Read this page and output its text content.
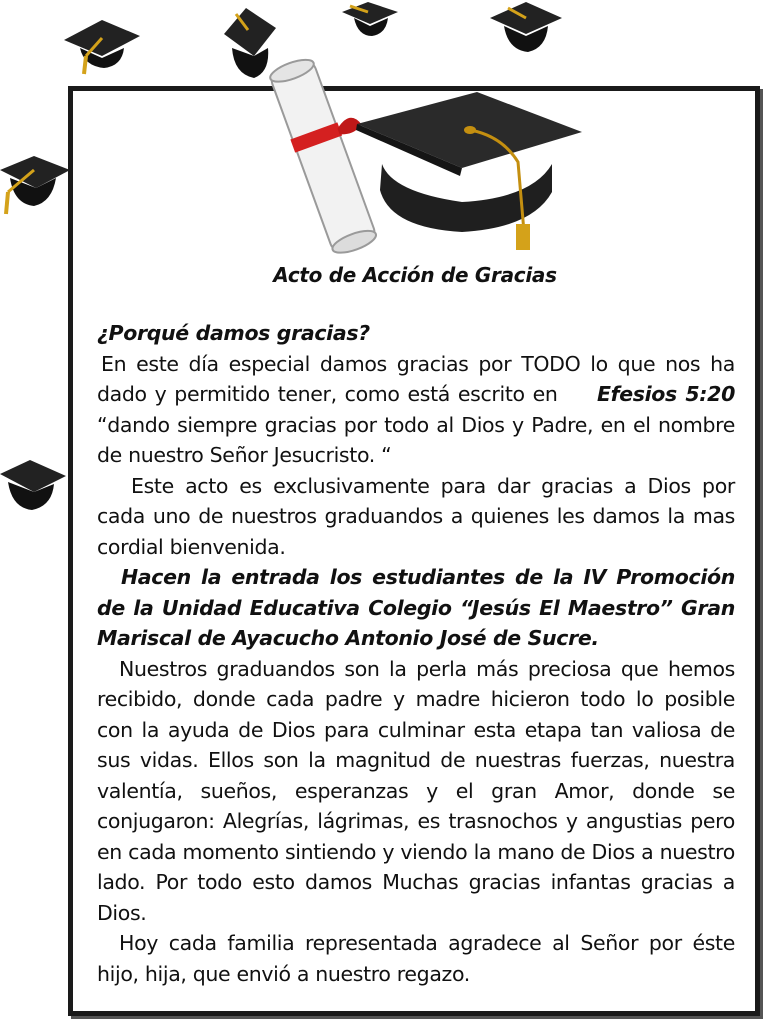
Acto de Acción de Gracias

¿Porqué damos gracias?

En este día especial damos gracias por TODO lo que nos ha dado y permitido tener, como está escrito en Efesios 5:20 “dando siempre gracias por todo al Dios y Padre, en el nombre de nuestro Señor Jesucristo. “

Este acto es exclusivamente para dar gracias a Dios por cada uno de nuestros graduandos a quienes les damos la mas cordial bienvenida.

Hacen la entrada los estudiantes de la IV Promoción de la Unidad Educativa Colegio “Jesús El Maestro” Gran Mariscal de Ayacucho Antonio José de Sucre.

Nuestros graduandos son la perla más preciosa que hemos recibido, donde cada padre y madre hicieron todo lo posible con la ayuda de Dios para culminar esta etapa tan valiosa de sus vidas. Ellos son la magnitud de nuestras fuerzas, nuestra valentía, sueños, esperanzas y el gran Amor, donde se conjugaron: Alegrías, lágrimas, es trasnochos y angustias pero en cada momento sintiendo y viendo la mano de Dios a nuestro lado. Por todo esto damos Muchas gracias infantas gracias a Dios.

Hoy cada familia representada agradece al Señor por éste hijo, hija, que envió a nuestro regazo.
